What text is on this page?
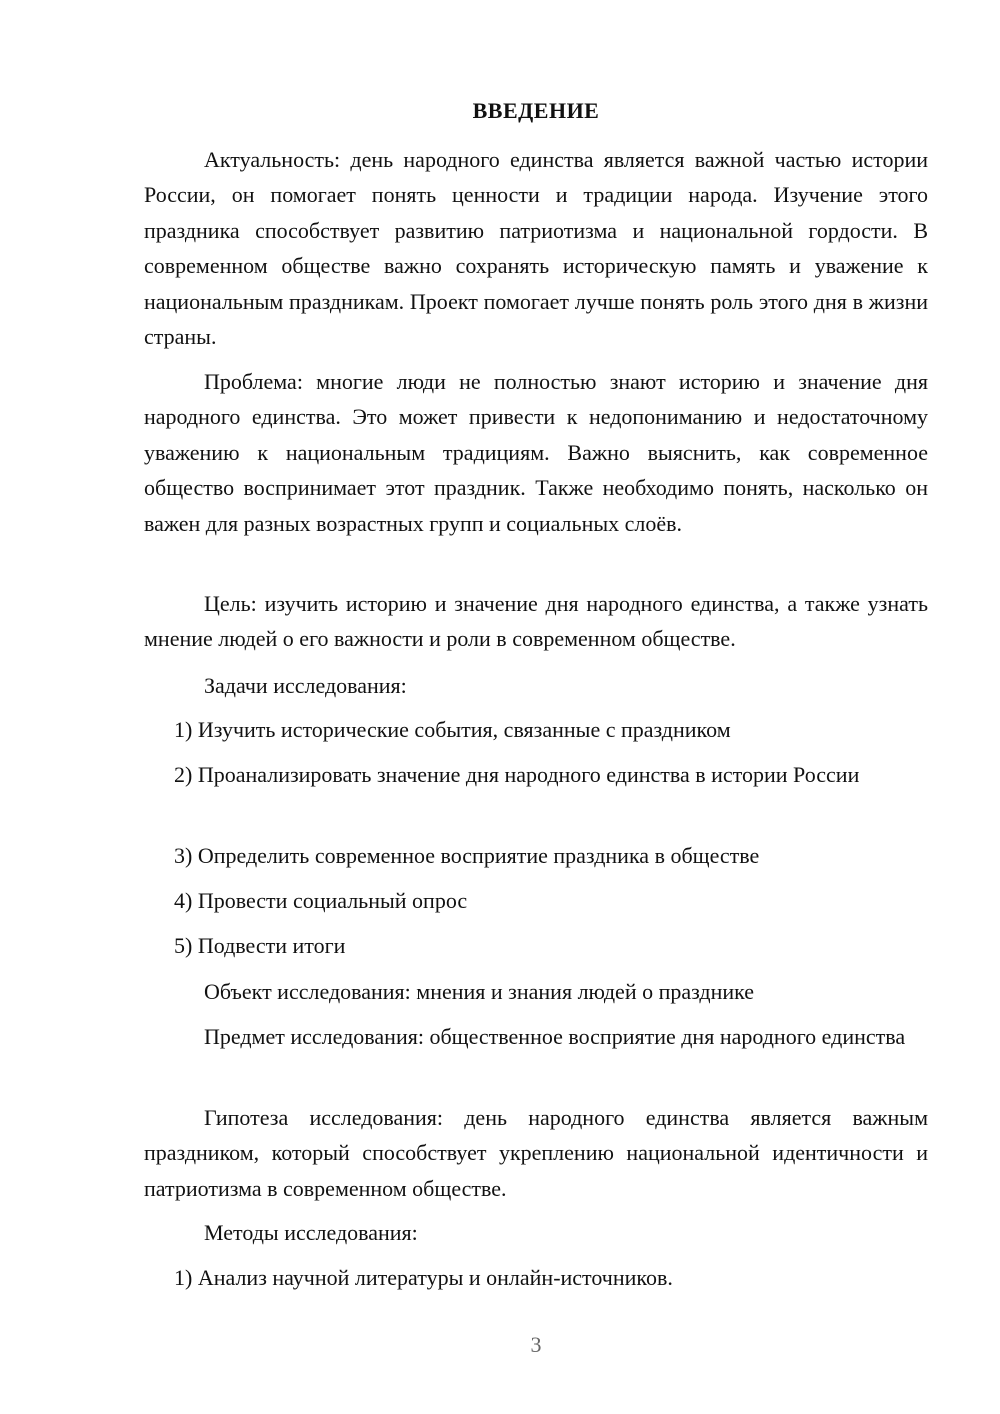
ВВЕДЕНИЕ

Актуальность: день народного единства является важной частью истории России, он помогает понять ценности и традиции народа. Изучение этого праздника способствует развитию патриотизма и национальной гордости. В современном обществе важно сохранять историческую память и уважение к национальным праздникам. Проект помогает лучше понять роль этого дня в жизни страны.

Проблема: многие люди не полностью знают историю и значение дня народного единства. Это может привести к недопониманию и недостаточному уважению к национальным традициям. Важно выяснить, как современное общество воспринимает этот праздник. Также необходимо понять, насколько он важен для разных возрастных групп и социальных слоёв.

Цель: изучить историю и значение дня народного единства, а также узнать мнение людей о его важности и роли в современном обществе.

Задачи исследования:

1) Изучить исторические события, связанные с праздником

2) Проанализировать значение дня народного единства в истории России

3) Определить современное восприятие праздника в обществе

4) Провести социальный опрос

5) Подвести итоги

Объект исследования: мнения и знания людей о празднике

Предмет исследования: общественное восприятие дня народного единства

Гипотеза исследования: день народного единства является важным праздником, который способствует укреплению национальной идентичности и патриотизма в современном обществе.

Методы исследования:

1) Анализ научной литературы и онлайн-источников.

3
